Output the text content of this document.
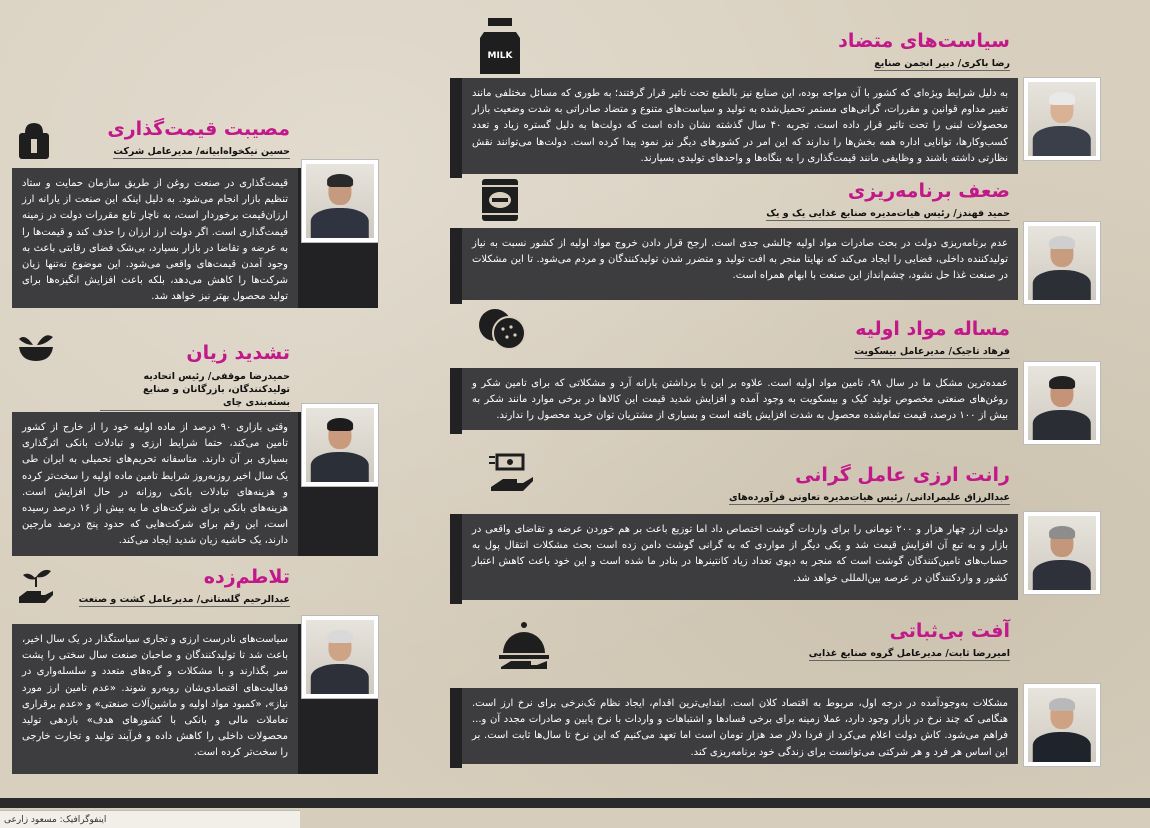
سیاست‌های متضاد
رضا باکری/ دبیر انجمن صنایع
MILK
به دلیل شرایط ویژه‌ای که کشور با آن مواجه بوده، این صنایع نیز بالطبع تحت تاثیر قرار گرفتند؛ به طوری که مسائل مختلفی مانند تغییر مداوم قوانین و مقررات، گرانی‌های مستمر تحمیل‌شده به تولید و سیاست‌های متنوع و متضاد صادراتی به شدت وضعیت بازار محصولات لبنی را تحت تاثیر قرار داده است. تجربه ۴۰ سال گذشته نشان داده است که دولت‌ها به دلیل گستره زیاد و تعدد کسب‌وکارها، توانایی اداره همه بخش‌ها را ندارند که این امر در کشورهای دیگر نیز نمود پیدا کرده است. دولت‌ها می‌توانند نقش نظارتی داشته باشند و وظایفی مانند قیمت‌گذاری را به بنگاه‌ها و واحدهای تولیدی بسپارند.
ضعف برنامه‌ریزی
حمید فهندز/ رئیس هیات‌مدیره صنایع غذایی یک و یک
عدم برنامه‌ریزی دولت در بحث صادرات مواد اولیه چالشی جدی است. ارجح قرار دادن خروج مواد اولیه از کشور نسبت به نیاز تولیدکننده داخلی، فضایی را ایجاد می‌کند که نهایتا منجر به افت تولید و متضرر شدن تولیدکنندگان و مردم می‌شود. تا این مشکلات در صنعت غذا حل نشود، چشم‌انداز این صنعت با ابهام همراه است.
مساله مواد اولیه
فرهاد تاجیک/ مدیرعامل بیسکویت
عمده‌ترین مشکل ما در سال ۹۸، تامین مواد اولیه است. علاوه بر این با برداشتن یارانه آرد و مشکلاتی که برای تامین شکر و روغن‌های صنعتی مخصوص تولید کیک و بیسکویت به وجود آمده و افزایش شدید قیمت این کالاها در برخی موارد مانند شکر به بیش از ۱۰۰ درصد، قیمت تمام‌شده محصول به شدت افزایش یافته است و بسیاری از مشتریان توان خرید محصول را ندارند.
رانت ارزی عامل گرانی
عبدالرزاق علیمرادانی/ رئیس هیات‌مدیره تعاونی فرآورده‌های
دولت ارز چهار هزار و ۲۰۰ تومانی را برای واردات گوشت اختصاص داد اما توزیع باعث بر هم خوردن عرضه و تقاضای واقعی در بازار و به تبع آن افزایش قیمت شد و یکی دیگر از مواردی که به گرانی گوشت دامن زده است بحث مشکلات انتقال پول به حساب‌های تامین‌کنندگان گوشت است که منجر به دپوی تعداد زیاد کانتینرها در بنادر ما شده است و این خود باعث کاهش اعتبار کشور و واردکنندگان در عرصه بین‌المللی خواهد شد.
آفت بی‌ثباتی
امیررضا ثابت/ مدیرعامل گروه صنایع غذایی
مشکلات به‌وجودآمده در درجه اول، مربوط به اقتصاد کلان است. ابتدایی‌ترین اقدام، ایجاد نظام تک‌نرخی برای نرخ ارز است. هنگامی که چند نرخ در بازار وجود دارد، عملا زمینه برای برخی فسادها و اشتباهات و واردات با نرخ پایین و صادرات مجدد آن و... فراهم می‌شود. کاش دولت اعلام می‌کرد از فردا دلار صد هزار تومان است اما تعهد می‌کنیم که این نرخ تا سال‌ها ثابت است. بر این اساس هر فرد و هر شرکتی می‌توانست برای زندگی خود برنامه‌ریزی کند.
مصیبت قیمت‌گذاری
حسین نیکخواه‌ابیانه/ مدیرعامل شرکت
قیمت‌گذاری در صنعت روغن از طریق سازمان حمایت و ستاد تنظیم بازار انجام می‌شود. به دلیل اینکه این صنعت از یارانه ارز ارزان‌قیمت برخوردار است، به ناچار تابع مقررات دولت در زمینه قیمت‌گذاری است. اگر دولت ارز ارزان را حذف کند و قیمت‌ها را به عرضه و تقاضا در بازار بسپارد، بی‌شک فضای رقابتی باعث به وجود آمدن قیمت‌های واقعی می‌شود. این موضوع نه‌تنها زیان شرکت‌ها را کاهش می‌دهد، بلکه باعث افزایش انگیزه‌ها برای تولید محصول بهتر نیز خواهد شد.
تشدید زیان
حمیدرضا موقفی/ رئیس اتحادیه تولیدکنندگان، بازرگانان و صنایع بسته‌بندی چای
وقتی بازاری ۹۰ درصد از ماده اولیه خود را از خارج از کشور تامین می‌کند، حتما شرایط ارزی و تبادلات بانکی اثرگذاری بسیاری بر آن دارند. متاسفانه تحریم‌های تحمیلی به ایران طی یک سال اخیر روزبه‌روز شرایط تامین ماده اولیه را سخت‌تر کرده و هزینه‌های تبادلات بانکی روزانه در حال افزایش است. هزینه‌های بانکی برای شرکت‌های ما به بیش از ۱۶ درصد رسیده است، این رقم برای شرکت‌هایی که حدود پنج درصد مارجین دارند، یک حاشیه زیان شدید ایجاد می‌کند.
تلاطم‌زده
عبدالرحیم گلستانی/ مدیرعامل کشت و صنعت
سیاست‌های نادرست ارزی و تجاری سیاستگذار در یک سال اخیر، باعث شد تا تولیدکنندگان و صاحبان صنعت سال سختی را پشت سر بگذارند و با مشکلات و گره‌های متعدد و سلسله‌واری در فعالیت‌های اقتصادی‌شان روبه‌رو شوند. «عدم تامین ارز مورد نیاز»، «کمبود مواد اولیه و ماشین‌آلات صنعتی» و «عدم برقراری تعاملات مالی و بانکی با کشورهای هدف» بازدهی تولید محصولات داخلی را کاهش داده و فرآیند تولید و تجارت خارجی را سخت‌تر کرده است.
اینفوگرافیک: مسعود زارعی
